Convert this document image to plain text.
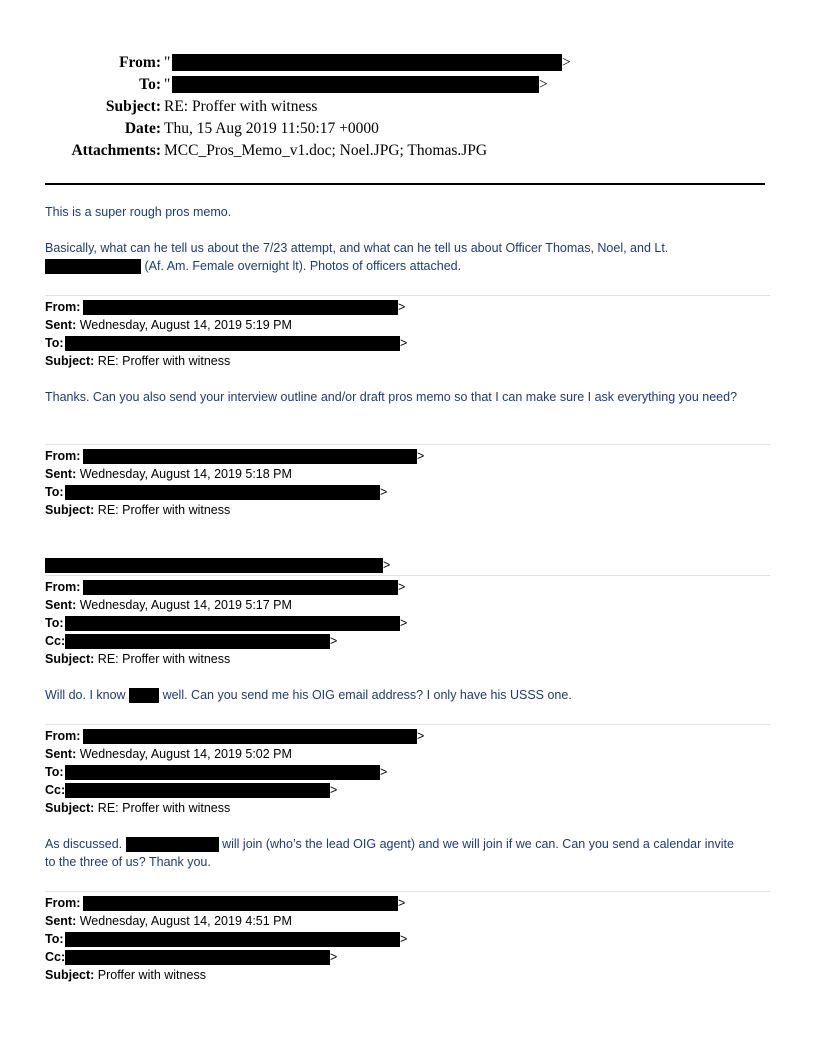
From: "	>
To: "	>
Subject: RE: Proffer with witness
Date: Thu, 15 Aug 2019 11:50:17 +0000
Attachments: MCC_Pros_Memo_v1.doc; Noel.JPG; Thomas.JPG
This is a super rough pros memo.
Basically, what can he tell us about the 7/23 attempt, and what can he tell us about Officer Thomas, Noel, and Lt.
(Af. Am. Female overnight lt). Photos of officers attached.
From:	>
Sent: Wednesday, August 14, 2019 5:19 PM
To:	>
Subject: RE: Proffer with witness
Thanks. Can you also send your interview outline and/or draft pros memo so that I can make sure I ask everything you need?
From:	>
Sent: Wednesday, August 14, 2019 5:18 PM
To:	>
Subject: RE: Proffer with witness
>
From:	>
Sent: Wednesday, August 14, 2019 5:17 PM
To:	>
Cc:	>
Subject: RE: Proffer with witness
Will do. I know	well. Can you send me his OIG email address? I only have his USSS one.
From:	>
Sent: Wednesday, August 14, 2019 5:02 PM
To:	>
Cc:	>
Subject: RE: Proffer with witness
As discussed.	will join (who’s the lead OIG agent) and we will join if we can. Can you send a calendar invite
to the three of us? Thank you.
From:	>
Sent: Wednesday, August 14, 2019 4:51 PM
To:	>
Cc:	>
Subject: Proffer with witness
